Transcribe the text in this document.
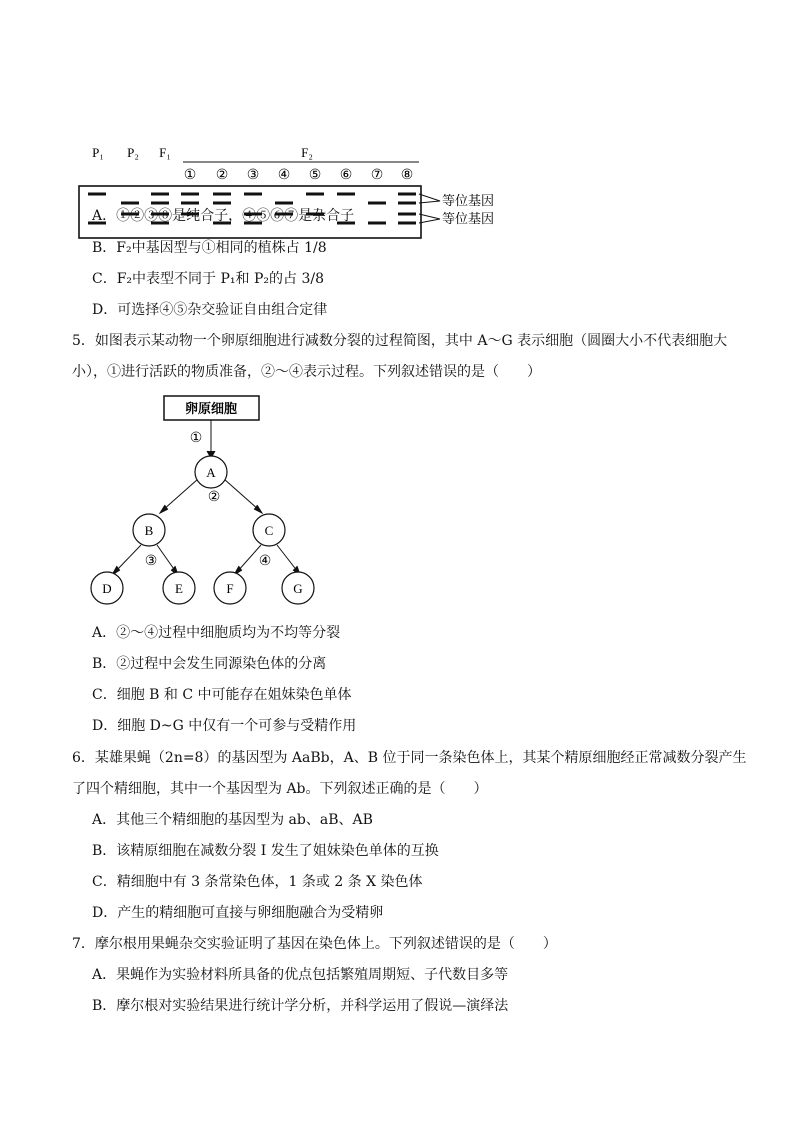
P₁ P₂ F₁	F₂
① ② ③ ④ ⑤ ⑥ ⑦ ⑧
等位基因
等位基因
A．①②③⑧是纯合子，④⑤⑥⑦是杂合子
B．F₂中基因型与①相同的植株占 1/8
C．F₂中表型不同于 P₁和 P₂的占 3/8
D．可选择④⑤杂交验证自由组合定律
5．如图表示某动物一个卵原细胞进行减数分裂的过程简图，其中 A～G 表示细胞（圆圈大小不代表细胞大
小），①进行活跃的物质准备，②～④表示过程。下列叙述错误的是（　　）
卵原细胞
①
②
③	④
A
B	C
D	E	F	G
A．②～④过程中细胞质均为不均等分裂
B．②过程中会发生同源染色体的分离
C．细胞 B 和 C 中可能存在姐妹染色单体
D．细胞 D~G 中仅有一个可参与受精作用
6．某雄果蝇（2n=8）的基因型为 AaBb，A、B 位于同一条染色体上，其某个精原细胞经正常减数分裂产生
了四个精细胞，其中一个基因型为 Ab。下列叙述正确的是（　　）
A．其他三个精细胞的基因型为 ab、aB、AB
B．该精原细胞在减数分裂 I 发生了姐妹染色单体的互换
C．精细胞中有 3 条常染色体，1 条或 2 条 X 染色体
D．产生的精细胞可直接与卵细胞融合为受精卵
7．摩尔根用果蝇杂交实验证明了基因在染色体上。下列叙述错误的是（　　）
A．果蝇作为实验材料所具备的优点包括繁殖周期短、子代数目多等
B．摩尔根对实验结果进行统计学分析，并科学运用了假说—演绎法
